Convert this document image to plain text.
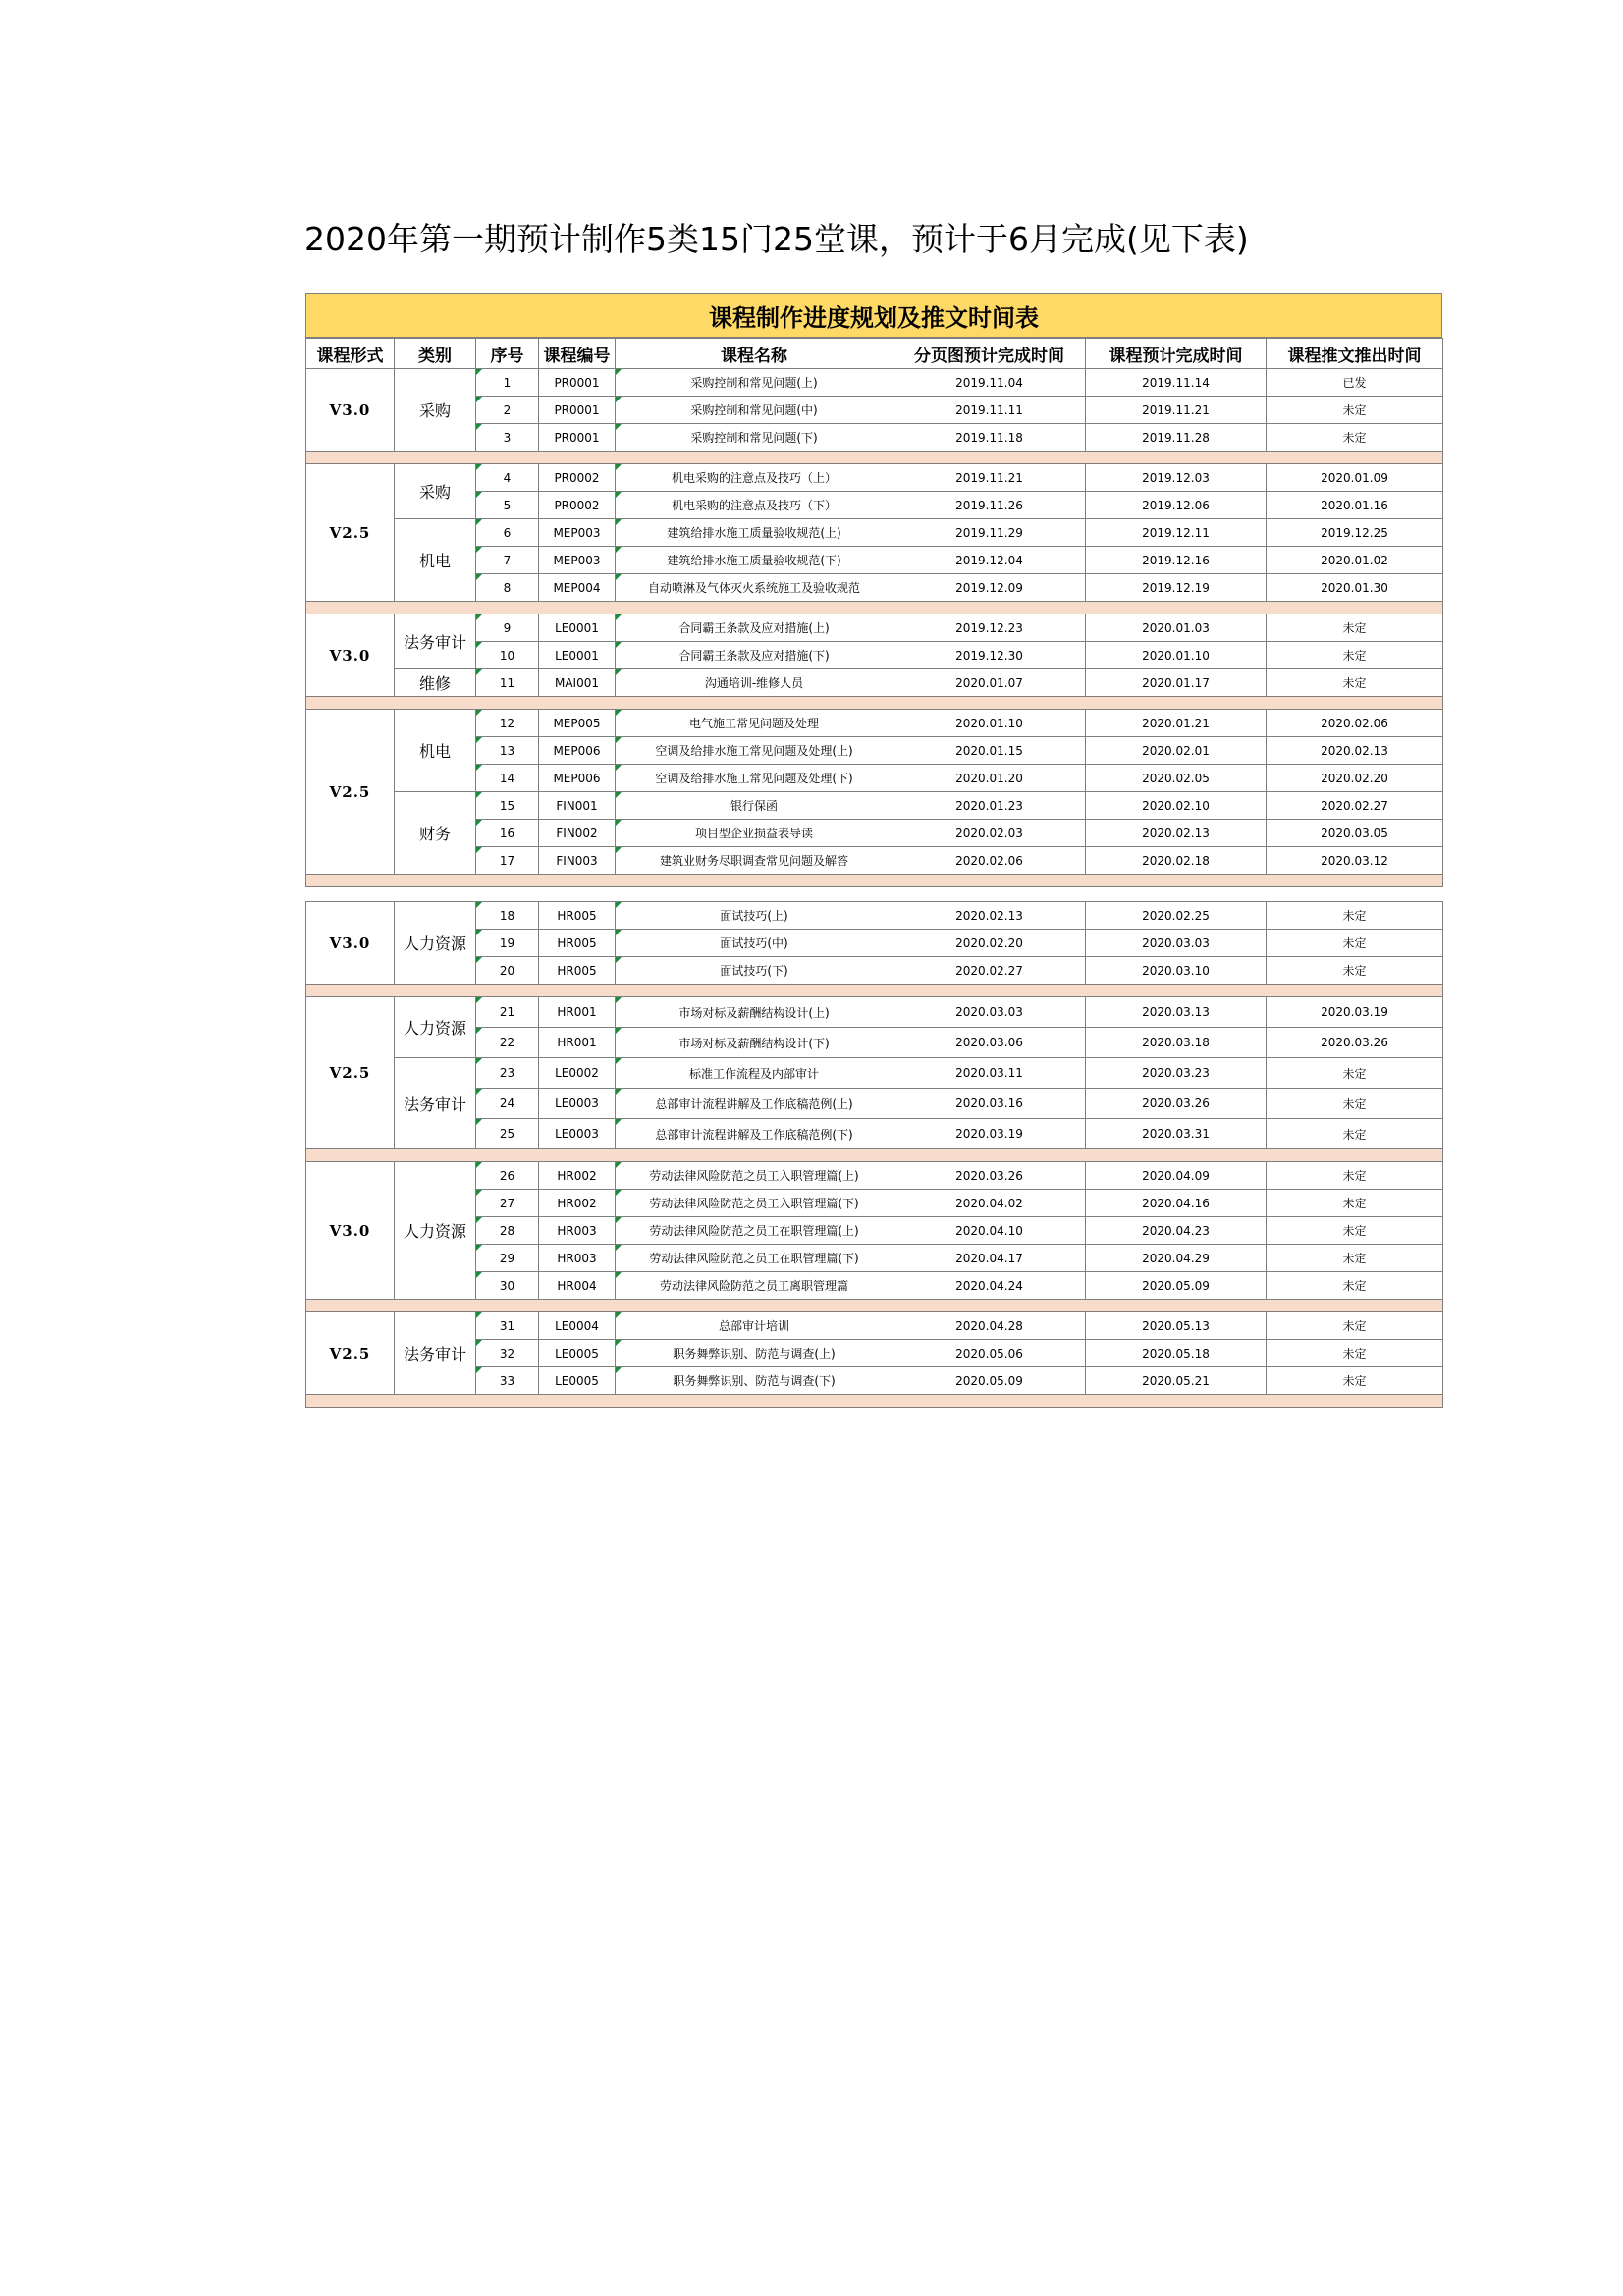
2020年第一期预计制作5类15门25堂课，预计于6月完成(见下表)
课程制作进度规划及推文时间表
课程形式	类别	序号	课程编号	课程名称	分页图预计完成时间	课程预计完成时间	课程推文推出时间
V3.0	采购	1	PR0001	采购控制和常见问题(上)	2019.11.04	2019.11.14	已发
		2	PR0001	采购控制和常见问题(中)	2019.11.11	2019.11.21	未定
		3	PR0001	采购控制和常见问题(下)	2019.11.18	2019.11.28	未定

V2.5	采购	4	PR0002	机电采购的注意点及技巧（上）	2019.11.21	2019.12.03	2020.01.09
		5	PR0002	机电采购的注意点及技巧（下）	2019.11.26	2019.12.06	2020.01.16
	机电	6	MEP003	建筑给排水施工质量验收规范(上)	2019.11.29	2019.12.11	2019.12.25
		7	MEP003	建筑给排水施工质量验收规范(下)	2019.12.04	2019.12.16	2020.01.02
		8	MEP004	自动喷淋及气体灭火系统施工及验收规范	2019.12.09	2019.12.19	2020.01.30

V3.0	法务审计	9	LE0001	合同霸王条款及应对措施(上)	2019.12.23	2020.01.03	未定
		10	LE0001	合同霸王条款及应对措施(下)	2019.12.30	2020.01.10	未定
	维修	11	MAI001	沟通培训-维修人员	2020.01.07	2020.01.17	未定

V2.5	机电	12	MEP005	电气施工常见问题及处理	2020.01.10	2020.01.21	2020.02.06
		13	MEP006	空调及给排水施工常见问题及处理(上)	2020.01.15	2020.02.01	2020.02.13
		14	MEP006	空调及给排水施工常见问题及处理(下)	2020.01.20	2020.02.05	2020.02.20
	财务	15	FIN001	银行保函	2020.01.23	2020.02.10	2020.02.27
		16	FIN002	项目型企业损益表导读	2020.02.03	2020.02.13	2020.03.05
		17	FIN003	建筑业财务尽职调查常见问题及解答	2020.02.06	2020.02.18	2020.03.12

V3.0	人力资源	18	HR005	面试技巧(上)	2020.02.13	2020.02.25	未定
		19	HR005	面试技巧(中)	2020.02.20	2020.03.03	未定
		20	HR005	面试技巧(下)	2020.02.27	2020.03.10	未定

V2.5	人力资源	21	HR001	市场对标及薪酬结构设计(上)	2020.03.03	2020.03.13	2020.03.19
		22	HR001	市场对标及薪酬结构设计(下)	2020.03.06	2020.03.18	2020.03.26
	法务审计	23	LE0002	标准工作流程及内部审计	2020.03.11	2020.03.23	未定
		24	LE0003	总部审计流程讲解及工作底稿范例(上)	2020.03.16	2020.03.26	未定
		25	LE0003	总部审计流程讲解及工作底稿范例(下)	2020.03.19	2020.03.31	未定

V3.0	人力资源	26	HR002	劳动法律风险防范之员工入职管理篇(上)	2020.03.26	2020.04.09	未定
		27	HR002	劳动法律风险防范之员工入职管理篇(下)	2020.04.02	2020.04.16	未定
		28	HR003	劳动法律风险防范之员工在职管理篇(上)	2020.04.10	2020.04.23	未定
		29	HR003	劳动法律风险防范之员工在职管理篇(下)	2020.04.17	2020.04.29	未定
		30	HR004	劳动法律风险防范之员工离职管理篇	2020.04.24	2020.05.09	未定

V2.5	法务审计	31	LE0004	总部审计培训	2020.04.28	2020.05.13	未定
		32	LE0005	职务舞弊识别、防范与调查(上)	2020.05.06	2020.05.18	未定
		33	LE0005	职务舞弊识别、防范与调查(下)	2020.05.09	2020.05.21	未定
